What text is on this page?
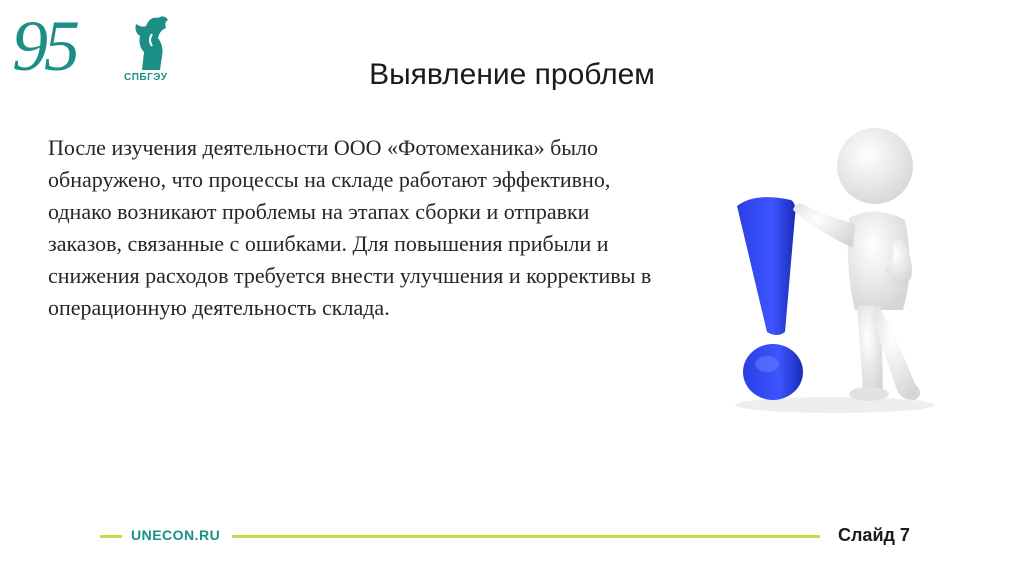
95	СПБГЭУ	Выявление проблем
После изучения деятельности ООО «Фотомеханика» было обнаружено, что процессы на складе работают эффективно, однако возникают проблемы на этапах сборки и отправки заказов, связанные с ошибками. Для повышения прибыли и снижения расходов требуется внести улучшения и коррективы в операционную деятельность склада.
UNECON.RU	Слайд 7
